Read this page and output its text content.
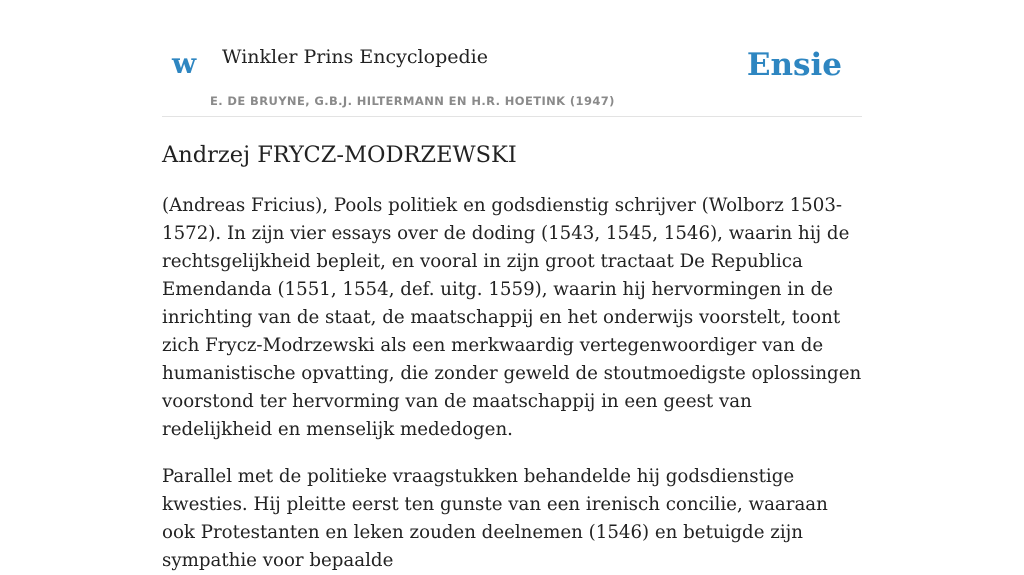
w Winkler Prins Encyclopedie
E. DE BRUYNE, G.B.J. HILTERMANN EN H.R. HOETINK (1947)
Ensie
Andrzej FRYCZ-MODRZEWSKI

(Andreas Fricius), Pools politiek en godsdienstig schrijver (Wolborz 1503-1572). In zijn vier essays over de doding (1543, 1545, 1546), waarin hij de rechtsgelijkheid bepleit, en vooral in zijn groot tractaat De Republica Emendanda (1551, 1554, def. uitg. 1559), waarin hij hervormingen in de inrichting van de staat, de maatschappij en het onderwijs voorstelt, toont zich Frycz-Modrzewski als een merkwaardig vertegenwoordiger van de humanistische opvatting, die zonder geweld de stoutmoedigste oplossingen voorstond ter hervorming van de maatschappij in een geest van redelijkheid en menselijk mededogen.

Parallel met de politieke vraagstukken behandelde hij godsdienstige kwesties. Hij pleitte eerst ten gunste van een irenisch concilie, waaraan ook Protestanten en leken zouden deelnemen (1546) en betuigde zijn sympathie voor bepaalde
